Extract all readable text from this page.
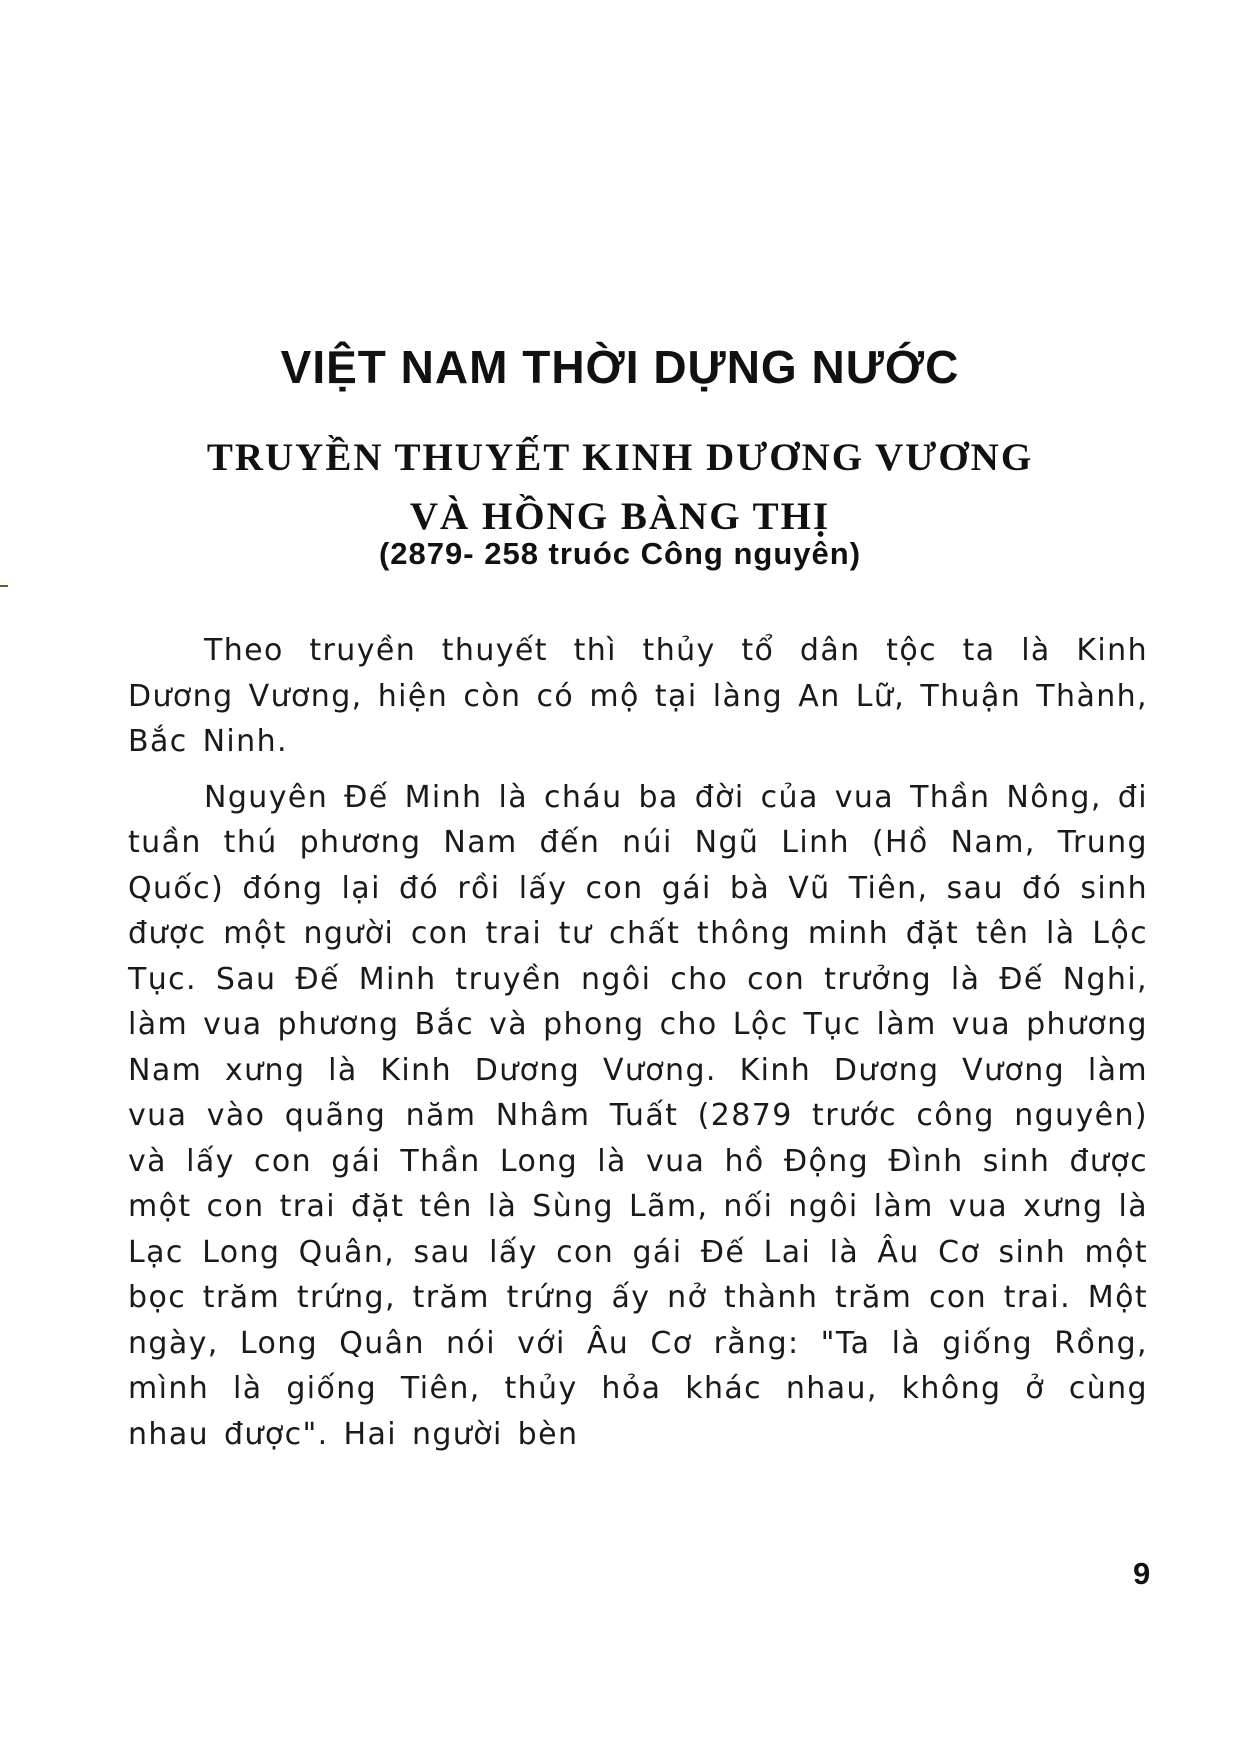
VIỆT NAM THỜI DỰNG NƯỚC
TRUYỀN THUYẾT KINH DƯƠNG VƯƠNG
VÀ HỒNG BÀNG THỊ
(2879- 258 truóc Công nguyên)

Theo truyền thuyết thì thủy tổ dân tộc ta là Kinh Dương Vương, hiện còn có mộ tại làng An Lữ, Thuận Thành, Bắc Ninh.

Nguyên Đế Minh là cháu ba đời của vua Thần Nông, đi tuần thú phương Nam đến núi Ngũ Linh (Hồ Nam, Trung Quốc) đóng lại đó rồi lấy con gái bà Vũ Tiên, sau đó sinh được một người con trai tư chất thông minh đặt tên là Lộc Tục. Sau Đế Minh truyền ngôi cho con trưởng là Đế Nghi, làm vua phương Bắc và phong cho Lộc Tục làm vua phương Nam xưng là Kinh Dương Vương. Kinh Dương Vương làm vua vào quãng năm Nhâm Tuất (2879 trước công nguyên) và lấy con gái Thần Long là vua hồ Động Đình sinh được một con trai đặt tên là Sùng Lãm, nối ngôi làm vua xưng là Lạc Long Quân, sau lấy con gái Đế Lai là Âu Cơ sinh một bọc trăm trứng, trăm trứng ấy nở thành trăm con trai. Một ngày, Long Quân nói với Âu Cơ rằng: "Ta là giống Rồng, mình là giống Tiên, thủy hỏa khác nhau, không ở cùng nhau được". Hai người bèn

9
